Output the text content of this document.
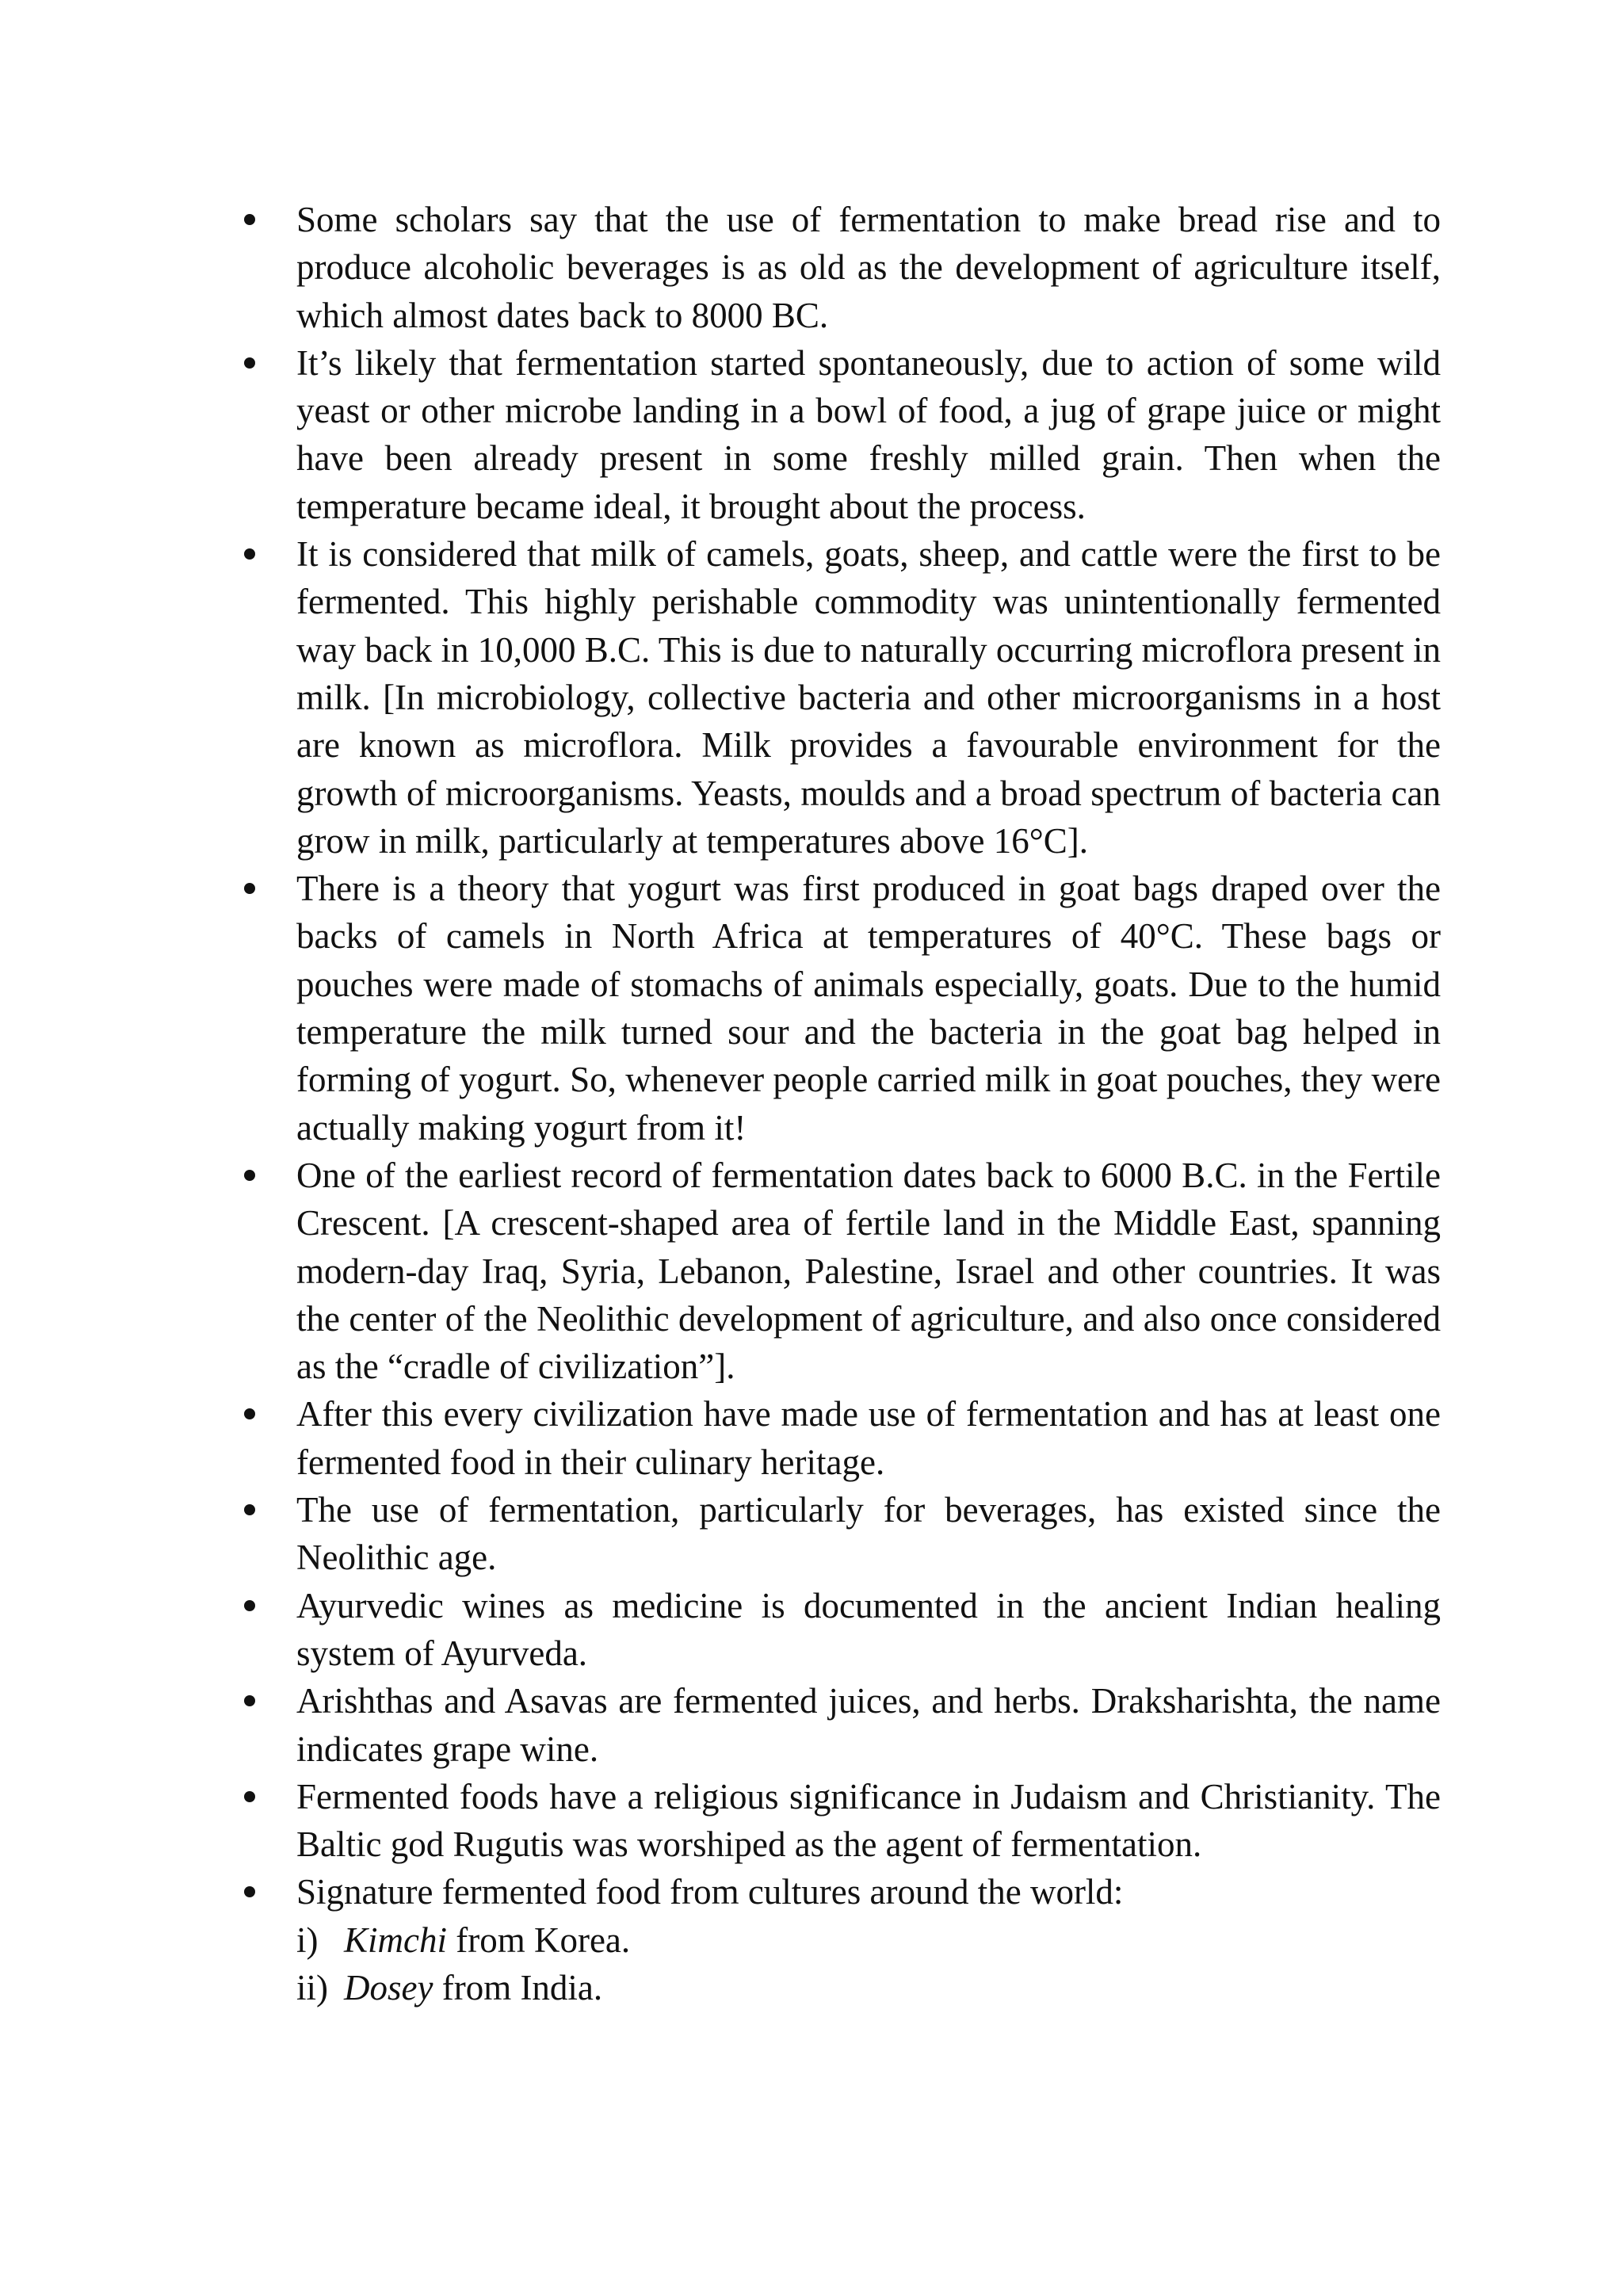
Some scholars say that the use of fermentation to make bread rise and to produce alcoholic beverages is as old as the development of agriculture itself, which almost dates back to 8000 BC.
It’s likely that fermentation started spontaneously, due to action of some wild yeast or other microbe landing in a bowl of food, a jug of grape juice or might have been already present in some freshly milled grain. Then when the temperature became ideal, it brought about the process.
It is considered that milk of camels, goats, sheep, and cattle were the first to be fermented. This highly perishable commodity was unintentionally fermented way back in 10,000 B.C. This is due to naturally occurring microflora present in milk. [In microbiology, collective bacteria and other microorganisms in a host are known as microflora. Milk provides a favourable environment for the growth of microorganisms. Yeasts, moulds and a broad spectrum of bacteria can grow in milk, particularly at temperatures above 16°C].
There is a theory that yogurt was first produced in goat bags draped over the backs of camels in North Africa at temperatures of 40°C. These bags or pouches were made of stomachs of animals especially, goats. Due to the humid temperature the milk turned sour and the bacteria in the goat bag helped in forming of yogurt. So, whenever people carried milk in goat pouches, they were actually making yogurt from it!
One of the earliest record of fermentation dates back to 6000 B.C. in the Fertile Crescent. [A crescent-shaped area of fertile land in the Middle East, spanning modern-day Iraq, Syria, Lebanon, Palestine, Israel and other countries. It was the center of the Neolithic development of agriculture, and also once considered as the “cradle of civilization”].
After this every civilization have made use of fermentation and has at least one fermented food in their culinary heritage.
The use of fermentation, particularly for beverages, has existed since the Neolithic age.
Ayurvedic wines as medicine is documented in the ancient Indian healing system of Ayurveda.
Arishthas and Asavas are fermented juices, and herbs. Draksharishta, the name indicates grape wine.
Fermented foods have a religious significance in Judaism and Christianity. The Baltic god Rugutis was worshiped as the agent of fermentation.
Signature fermented food from cultures around the world:
i) Kimchi from Korea.
ii) Dosey from India.
